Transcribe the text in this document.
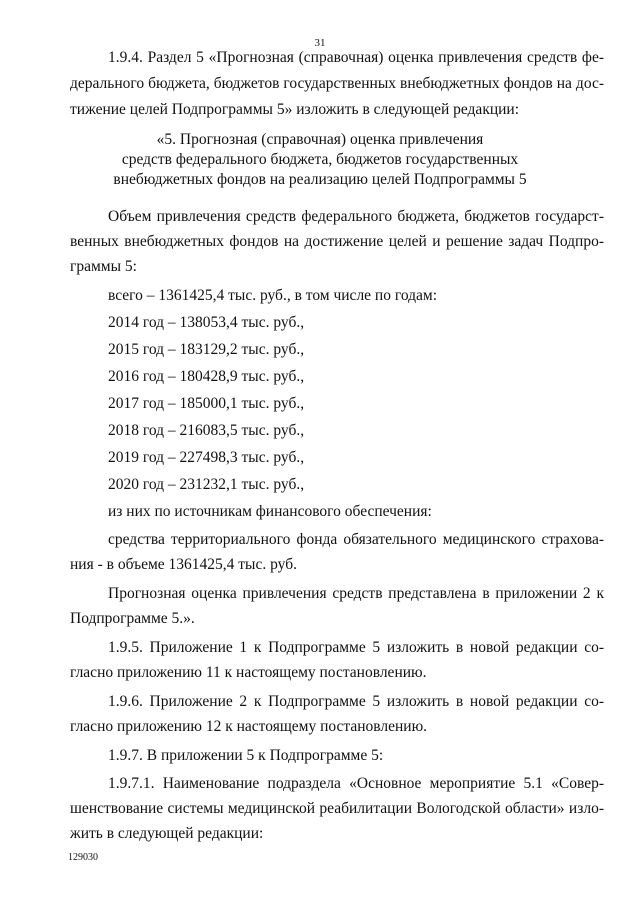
31
1.9.4. Раздел 5 «Прогнозная (справочная) оценка привлечения средств фе-
дерального бюджета, бюджетов государственных внебюджетных фондов на дос-
тижение целей Подпрограммы 5» изложить в следующей редакции:
«5. Прогнозная (справочная) оценка привлечения
средств федерального бюджета, бюджетов государственных
внебюджетных фондов на реализацию целей Подпрограммы 5
Объем привлечения средств федерального бюджета, бюджетов государст-
венных внебюджетных фондов на достижение целей и решение задач Подпро-
граммы 5:
всего – 1361425,4 тыс. руб., в том числе по годам:
2014 год – 138053,4 тыс. руб.,
2015 год – 183129,2 тыс. руб.,
2016 год – 180428,9 тыс. руб.,
2017 год – 185000,1 тыс. руб.,
2018 год – 216083,5 тыс. руб.,
2019 год – 227498,3 тыс. руб.,
2020 год – 231232,1 тыс. руб.,
из них по источникам финансового обеспечения:
средства территориального фонда обязательного медицинского страхова-
ния - в объеме 1361425,4 тыс. руб.
Прогнозная оценка привлечения средств представлена в приложении 2 к
Подпрограмме 5.».
1.9.5. Приложение 1 к Подпрограмме 5 изложить в новой редакции со-
гласно приложению 11 к настоящему постановлению.
1.9.6. Приложение 2 к Подпрограмме 5 изложить в новой редакции со-
гласно приложению 12 к настоящему постановлению.
1.9.7. В приложении 5 к Подпрограмме 5:
1.9.7.1. Наименование подраздела «Основное мероприятие 5.1 «Совер-
шенствование системы медицинской реабилитации Вологодской области» изло-
жить в следующей редакции:
129030
